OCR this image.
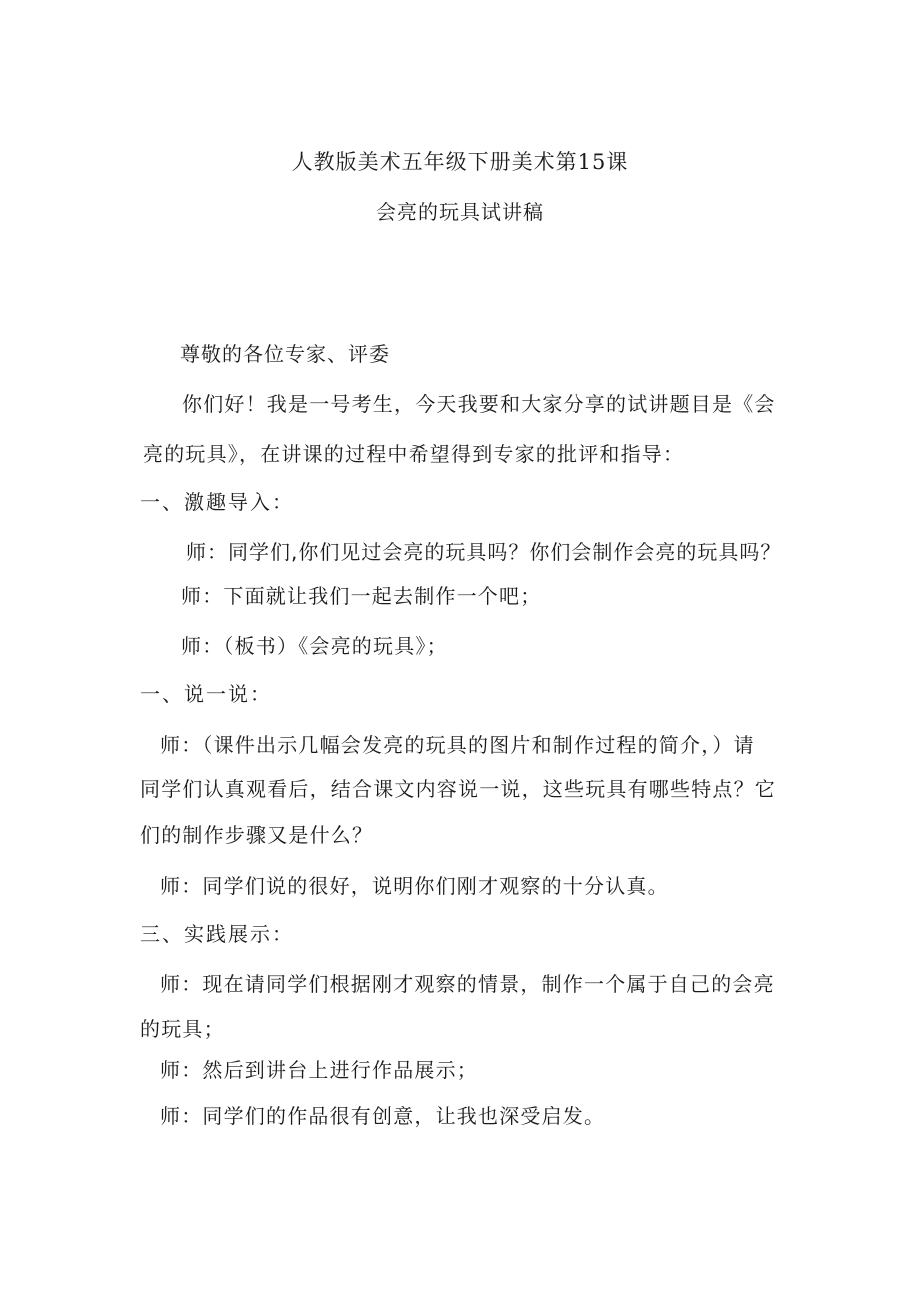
人教版美术五年级下册美术第15课
会亮的玩具试讲稿
尊敬的各位专家、评委
你们好！我是一号考生，今天我要和大家分享的试讲题目是《会
亮的玩具》，在讲课的过程中希望得到专家的批评和指导：
一、激趣导入：
师：同学们,你们见过会亮的玩具吗？你们会制作会亮的玩具吗？
师：下面就让我们一起去制作一个吧；
师：（板书）《会亮的玩具》；
一、说一说：
师：（课件出示几幅会发亮的玩具的图片和制作过程的简介，）请
同学们认真观看后，结合课文内容说一说，这些玩具有哪些特点？它
们的制作步骤又是什么？
师：同学们说的很好，说明你们刚才观察的十分认真。
三、实践展示：
师：现在请同学们根据刚才观察的情景，制作一个属于自己的会亮
的玩具；
师：然后到讲台上进行作品展示；
师：同学们的作品很有创意，让我也深受启发。
